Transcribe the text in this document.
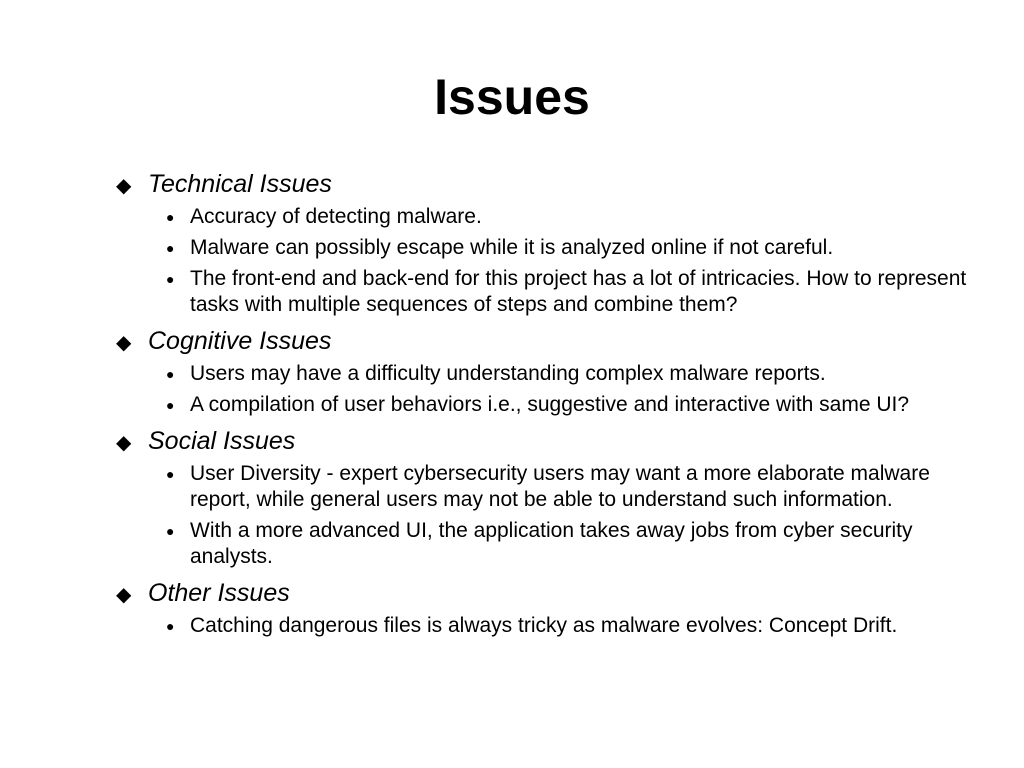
Issues
◆ Technical Issues
● Accuracy of detecting malware.
● Malware can possibly escape while it is analyzed online if not careful.
● The front-end and back-end for this project has a lot of intricacies. How to represent tasks with multiple sequences of steps and combine them?
◆ Cognitive Issues
● Users may have a difficulty understanding complex malware reports.
● A compilation of user behaviors i.e., suggestive and interactive with same UI?
◆ Social Issues
● User Diversity - expert cybersecurity users may want a more elaborate malware report, while general users may not be able to understand such information.
● With a more advanced UI, the application takes away jobs from cyber security analysts.
◆ Other Issues
● Catching dangerous files is always tricky as malware evolves: Concept Drift.
